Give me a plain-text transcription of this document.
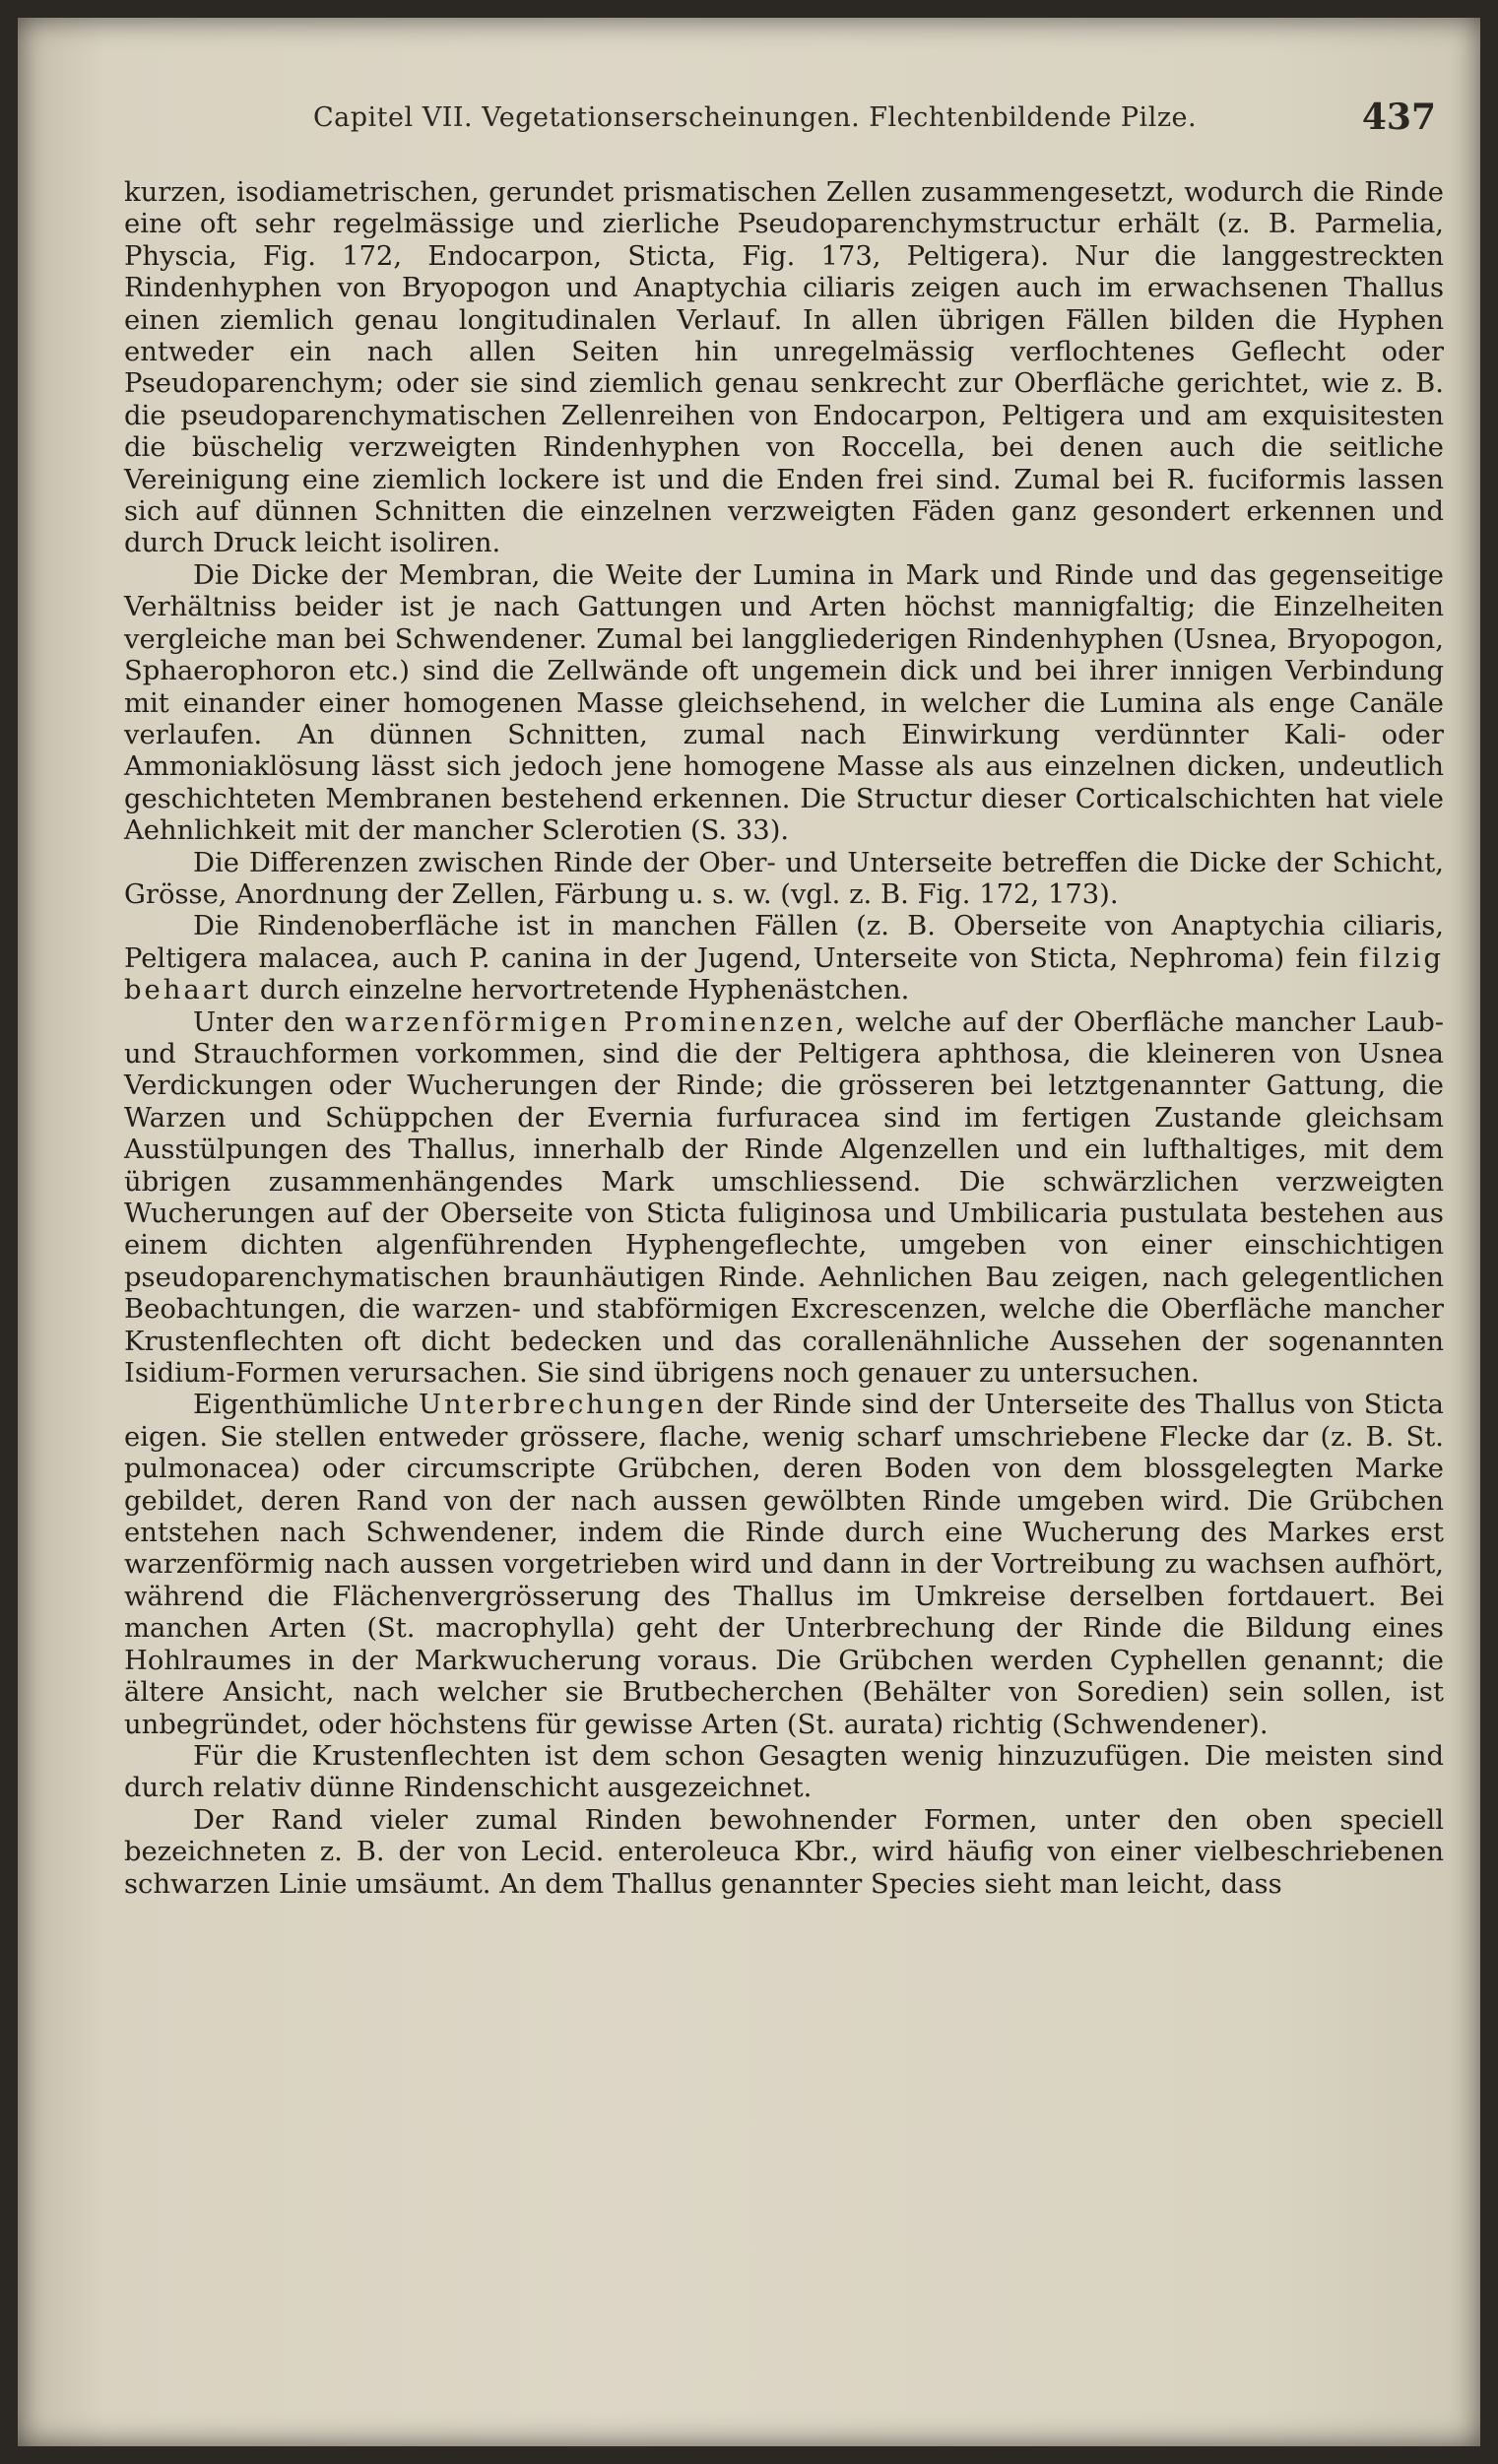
Capitel VII. Vegetationserscheinungen. Flechtenbildende Pilze.	437

kurzen, isodiametrischen, gerundet prismatischen Zellen zusammengesetzt, wodurch die Rinde eine oft sehr regelmässige und zierliche Pseudoparenchymstructur erhält (z. B. Parmelia, Physcia, Fig. 172, Endocarpon, Sticta, Fig. 173, Peltigera). Nur die langgestreckten Rindenhyphen von Bryopogon und Anaptychia ciliaris zeigen auch im erwachsenen Thallus einen ziemlich genau longitudinalen Verlauf. In allen übrigen Fällen bilden die Hyphen entweder ein nach allen Seiten hin unregelmässig verflochtenes Geflecht oder Pseudoparenchym; oder sie sind ziemlich genau senkrecht zur Oberfläche gerichtet, wie z. B. die pseudoparenchymatischen Zellenreihen von Endocarpon, Peltigera und am exquisitesten die büschelig verzweigten Rindenhyphen von Roccella, bei denen auch die seitliche Vereinigung eine ziemlich lockere ist und die Enden frei sind. Zumal bei R. fuciformis lassen sich auf dünnen Schnitten die einzelnen verzweigten Fäden ganz gesondert erkennen und durch Druck leicht isoliren.

Die Dicke der Membran, die Weite der Lumina in Mark und Rinde und das gegenseitige Verhältniss beider ist je nach Gattungen und Arten höchst mannigfaltig; die Einzelheiten vergleiche man bei Schwendener. Zumal bei langgliederigen Rindenhyphen (Usnea, Bryopogon, Sphaerophoron etc.) sind die Zellwände oft ungemein dick und bei ihrer innigen Verbindung mit einander einer homogenen Masse gleichsehend, in welcher die Lumina als enge Canäle verlaufen. An dünnen Schnitten, zumal nach Einwirkung verdünnter Kali- oder Ammoniaklösung lässt sich jedoch jene homogene Masse als aus einzelnen dicken, undeutlich geschichteten Membranen bestehend erkennen. Die Structur dieser Corticalschichten hat viele Aehnlichkeit mit der mancher Sclerotien (S. 33).

Die Differenzen zwischen Rinde der Ober- und Unterseite betreffen die Dicke der Schicht, Grösse, Anordnung der Zellen, Färbung u. s. w. (vgl. z. B. Fig. 172, 173).

Die Rindenoberfläche ist in manchen Fällen (z. B. Oberseite von Anaptychia ciliaris, Peltigera malacea, auch P. canina in der Jugend, Unterseite von Sticta, Nephroma) fein filzig behaart durch einzelne hervortretende Hyphenästchen.

Unter den warzenförmigen Prominenzen, welche auf der Oberfläche mancher Laub- und Strauchformen vorkommen, sind die der Peltigera aphthosa, die kleineren von Usnea Verdickungen oder Wucherungen der Rinde; die grösseren bei letztgenannter Gattung, die Warzen und Schüppchen der Evernia furfuracea sind im fertigen Zustande gleichsam Ausstülpungen des Thallus, innerhalb der Rinde Algenzellen und ein lufthaltiges, mit dem übrigen zusammenhängendes Mark umschliessend. Die schwärzlichen verzweigten Wucherungen auf der Oberseite von Sticta fuliginosa und Umbilicaria pustulata bestehen aus einem dichten algenführenden Hyphengeflechte, umgeben von einer einschichtigen pseudoparenchymatischen braunhäutigen Rinde. Aehnlichen Bau zeigen, nach gelegentlichen Beobachtungen, die warzen- und stabförmigen Excrescenzen, welche die Oberfläche mancher Krustenflechten oft dicht bedecken und das corallenähnliche Aussehen der sogenannten Isidium-Formen verursachen. Sie sind übrigens noch genauer zu untersuchen.

Eigenthümliche Unterbrechungen der Rinde sind der Unterseite des Thallus von Sticta eigen. Sie stellen entweder grössere, flache, wenig scharf umschriebene Flecke dar (z. B. St. pulmonacea) oder circumscripte Grübchen, deren Boden von dem blossgelegten Marke gebildet, deren Rand von der nach aussen gewölbten Rinde umgeben wird. Die Grübchen entstehen nach Schwendener, indem die Rinde durch eine Wucherung des Markes erst warzenförmig nach aussen vorgetrieben wird und dann in der Vortreibung zu wachsen aufhört, während die Flächenvergrösserung des Thallus im Umkreise derselben fortdauert. Bei manchen Arten (St. macrophylla) geht der Unterbrechung der Rinde die Bildung eines Hohlraumes in der Markwucherung voraus. Die Grübchen werden Cyphellen genannt; die ältere Ansicht, nach welcher sie Brutbecherchen (Behälter von Soredien) sein sollen, ist unbegründet, oder höchstens für gewisse Arten (St. aurata) richtig (Schwendener).

Für die Krustenflechten ist dem schon Gesagten wenig hinzuzufügen. Die meisten sind durch relativ dünne Rindenschicht ausgezeichnet.

Der Rand vieler zumal Rinden bewohnender Formen, unter den oben speciell bezeichneten z. B. der von Lecid. enteroleuca Kbr., wird häufig von einer vielbeschriebenen schwarzen Linie umsäumt. An dem Thallus genannter Species sieht man leicht, dass
